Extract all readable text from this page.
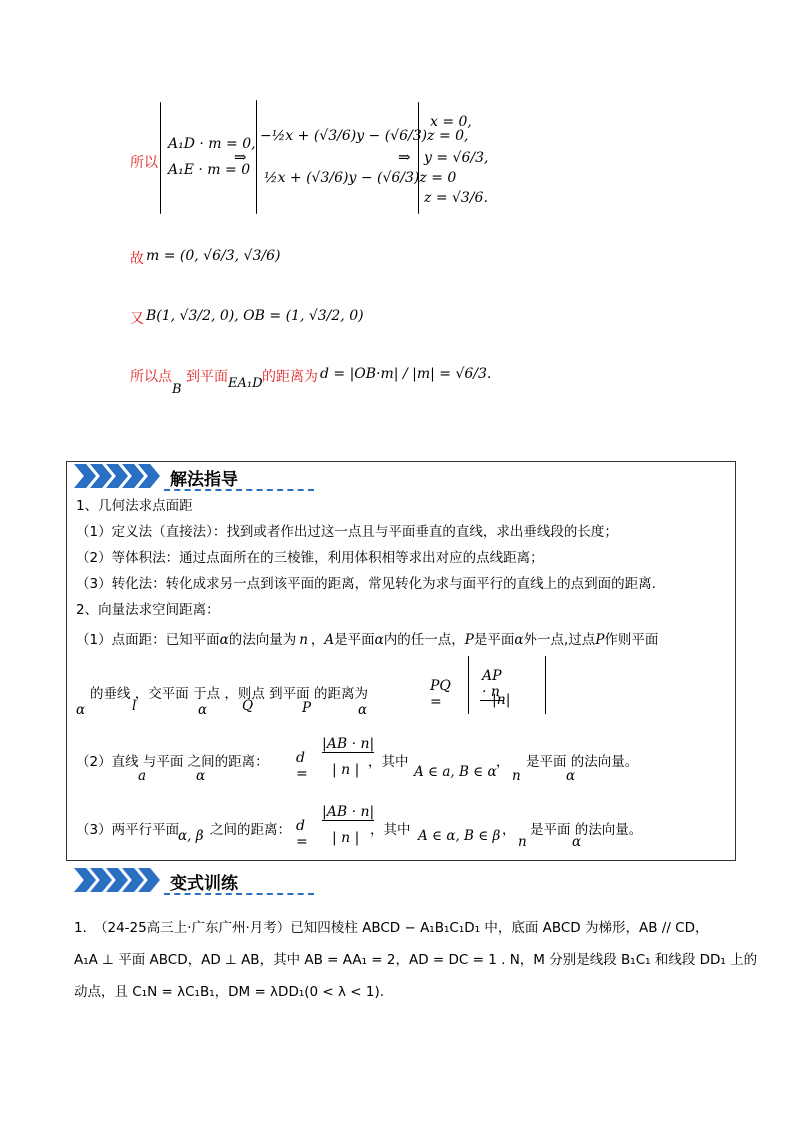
所以
A₁D · m = 0,
A₁E · m = 0
⇒
−½x + (√3/6)y − (√6/3)z = 0,
½x + (√3/6)y − (√6/3)z = 0
⇒
x = 0,
y = √6/3,
z = √3/6.
故 m = (0, √6/3, √3/6)
又 B(1, √3/2, 0), OB = (1, √3/2, 0)
所以点
B
到平面 EA₁D 的距离为 d = |OB·m| / |m| = √6/3.
解法指导
1、几何法求点面距
（1）定义法（直接法）：找到或者作出过这一点且与平面垂直的直线，求出垂线段的长度；
（2）等体积法：通过点面所在的三棱锥，利用体积相等求出对应的点线距离；
（3）转化法：转化成求另一点到该平面的距离，常见转化为求与面平行的直线上的点到面的距离.
2、向量法求空间距离：
（1）点面距：已知平面α的法向量为 n ，A是平面α内的任一点，P是平面α外一点,过点P作则平面
的垂线 ，交平面 于点 ，则点 到平面 的距离为
α	l	α	Q	P	α
PQ =
AP · n
|n|
（2）直线 与平面 之间的距离：
a	α
d =
|AB · n|
| n | ，其中
A ∈ a, B ∈ α
，
n
是平面 的法向量。
α
（3）两平行平面
α, β 之间的距离： d =
|AB · n|
| n | ，其中 A ∈ α, B ∈ β ，
n
是平面 的法向量。
α
变式训练
1．
（24-25高三上·广东广州·月考）已知四棱柱 ABCD − A₁B₁C₁D₁ 中，底面 ABCD 为梯形，AB // CD，
A₁A ⊥ 平面 ABCD，AD ⊥ AB，其中 AB = AA₁ = 2，AD = DC = 1 . N，M 分别是线段 B₁C₁ 和线段 DD₁ 上的
动点，且 C₁N = λC₁B₁，DM = λDD₁(0 < λ < 1).
